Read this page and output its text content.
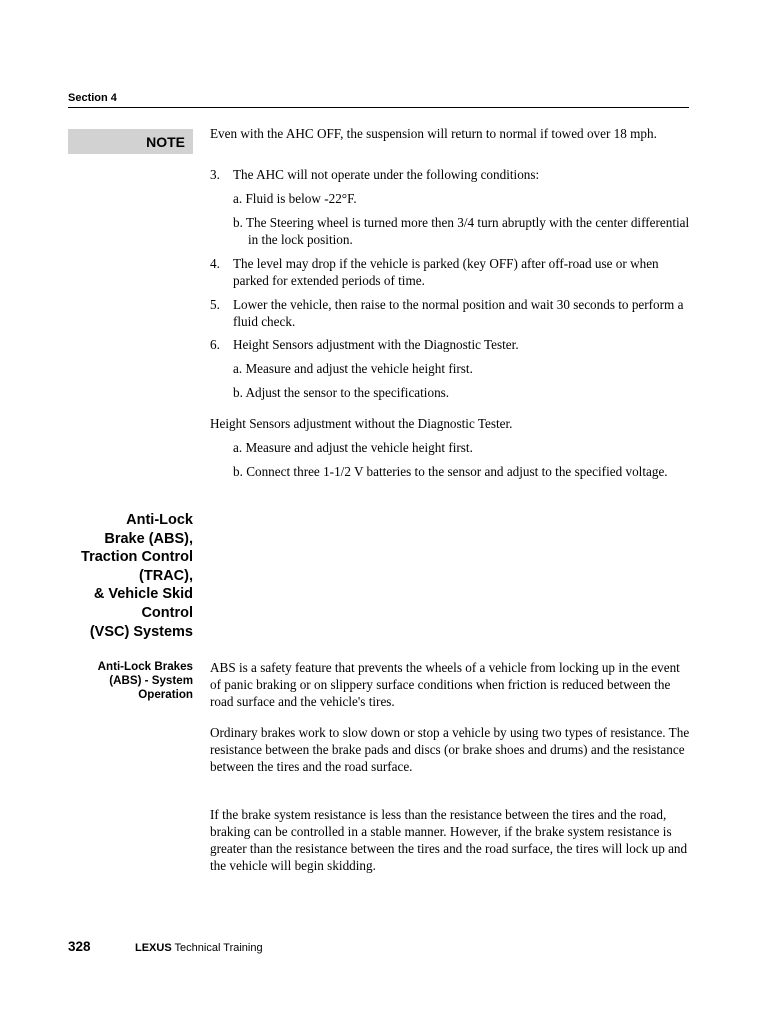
Section 4
NOTE Even with the AHC OFF, the suspension will return to normal if towed over 18 mph.

3. The AHC will not operate under the following conditions:
a. Fluid is below -22°F.
b. The Steering wheel is turned more then 3/4 turn abruptly with the center differential in the lock position.
4. The level may drop if the vehicle is parked (key OFF) after off-road use or when parked for extended periods of time.
5. Lower the vehicle, then raise to the normal position and wait 30 seconds to perform a fluid check.
6. Height Sensors adjustment with the Diagnostic Tester.
a. Measure and adjust the vehicle height first.
b. Adjust the sensor to the specifications.

Height Sensors adjustment without the Diagnostic Tester.

a. Measure and adjust the vehicle height first.
b. Connect three 1-1/2 V batteries to the sensor and adjust to the specified voltage.
Anti-Lock
Brake (ABS),
Traction Control
(TRAC),
& Vehicle Skid
Control
(VSC) Systems
Anti-Lock Brakes
(ABS) - System
Operation

ABS is a safety feature that prevents the wheels of a vehicle from locking up in the event of panic braking or on slippery surface conditions when friction is reduced between the road surface and the vehicle's tires.

Ordinary brakes work to slow down or stop a vehicle by using two types of resistance. The resistance between the brake pads and discs (or brake shoes and drums) and the resistance between the tires and the road surface.

If the brake system resistance is less than the resistance between the tires and the road, braking can be controlled in a stable manner. However, if the brake system resistance is greater than the resistance between the tires and the road surface, the tires will lock up and the vehicle will begin skidding.

328	LEXUS Technical Training
